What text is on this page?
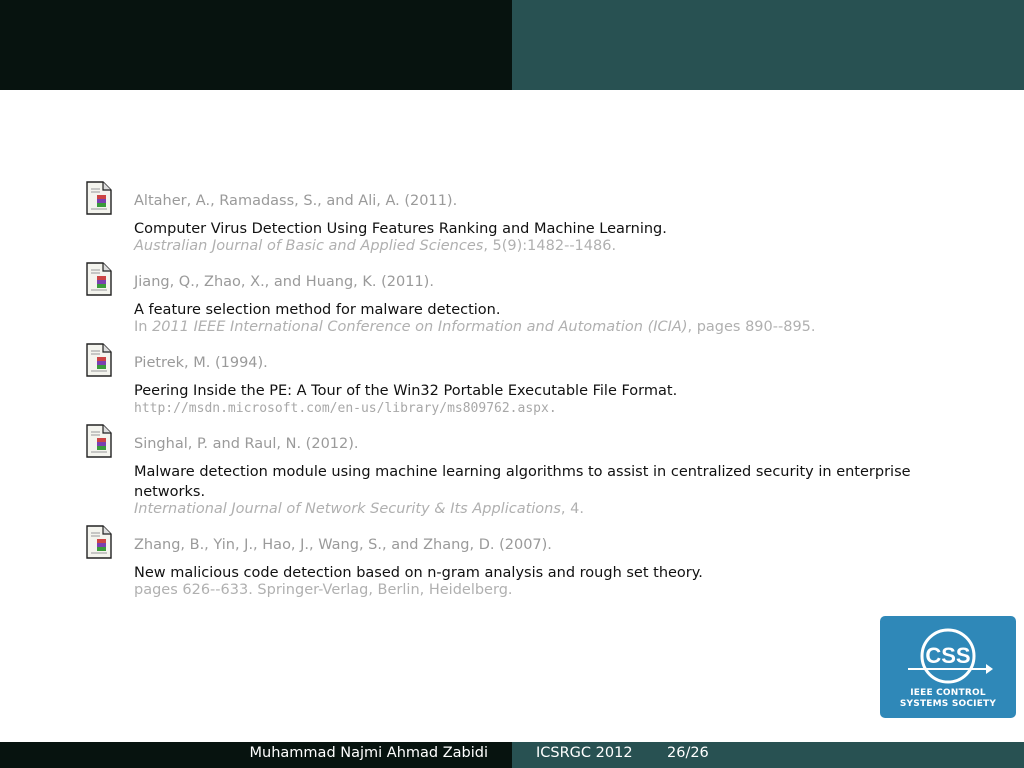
Altaher, A., Ramadass, S., and Ali, A. (2011).
Computer Virus Detection Using Features Ranking and Machine Learning.
Australian Journal of Basic and Applied Sciences, 5(9):1482--1486.
Jiang, Q., Zhao, X., and Huang, K. (2011).
A feature selection method for malware detection.
In 2011 IEEE International Conference on Information and Automation (ICIA), pages 890--895.
Pietrek, M. (1994).
Peering Inside the PE: A Tour of the Win32 Portable Executable File Format.
http://msdn.microsoft.com/en-us/library/ms809762.aspx.
Singhal, P. and Raul, N. (2012).
Malware detection module using machine learning algorithms to assist in centralized security in enterprise networks.
International Journal of Network Security & Its Applications, 4.
Zhang, B., Yin, J., Hao, J., Wang, S., and Zhang, D. (2007).
New malicious code detection based on n-gram analysis and rough set theory.
pages 626--633. Springer-Verlag, Berlin, Heidelberg.
CSS
IEEE CONTROL
SYSTEMS SOCIETY
Muhammad Najmi Ahmad Zabidi	ICSRGC 2012 26/26
